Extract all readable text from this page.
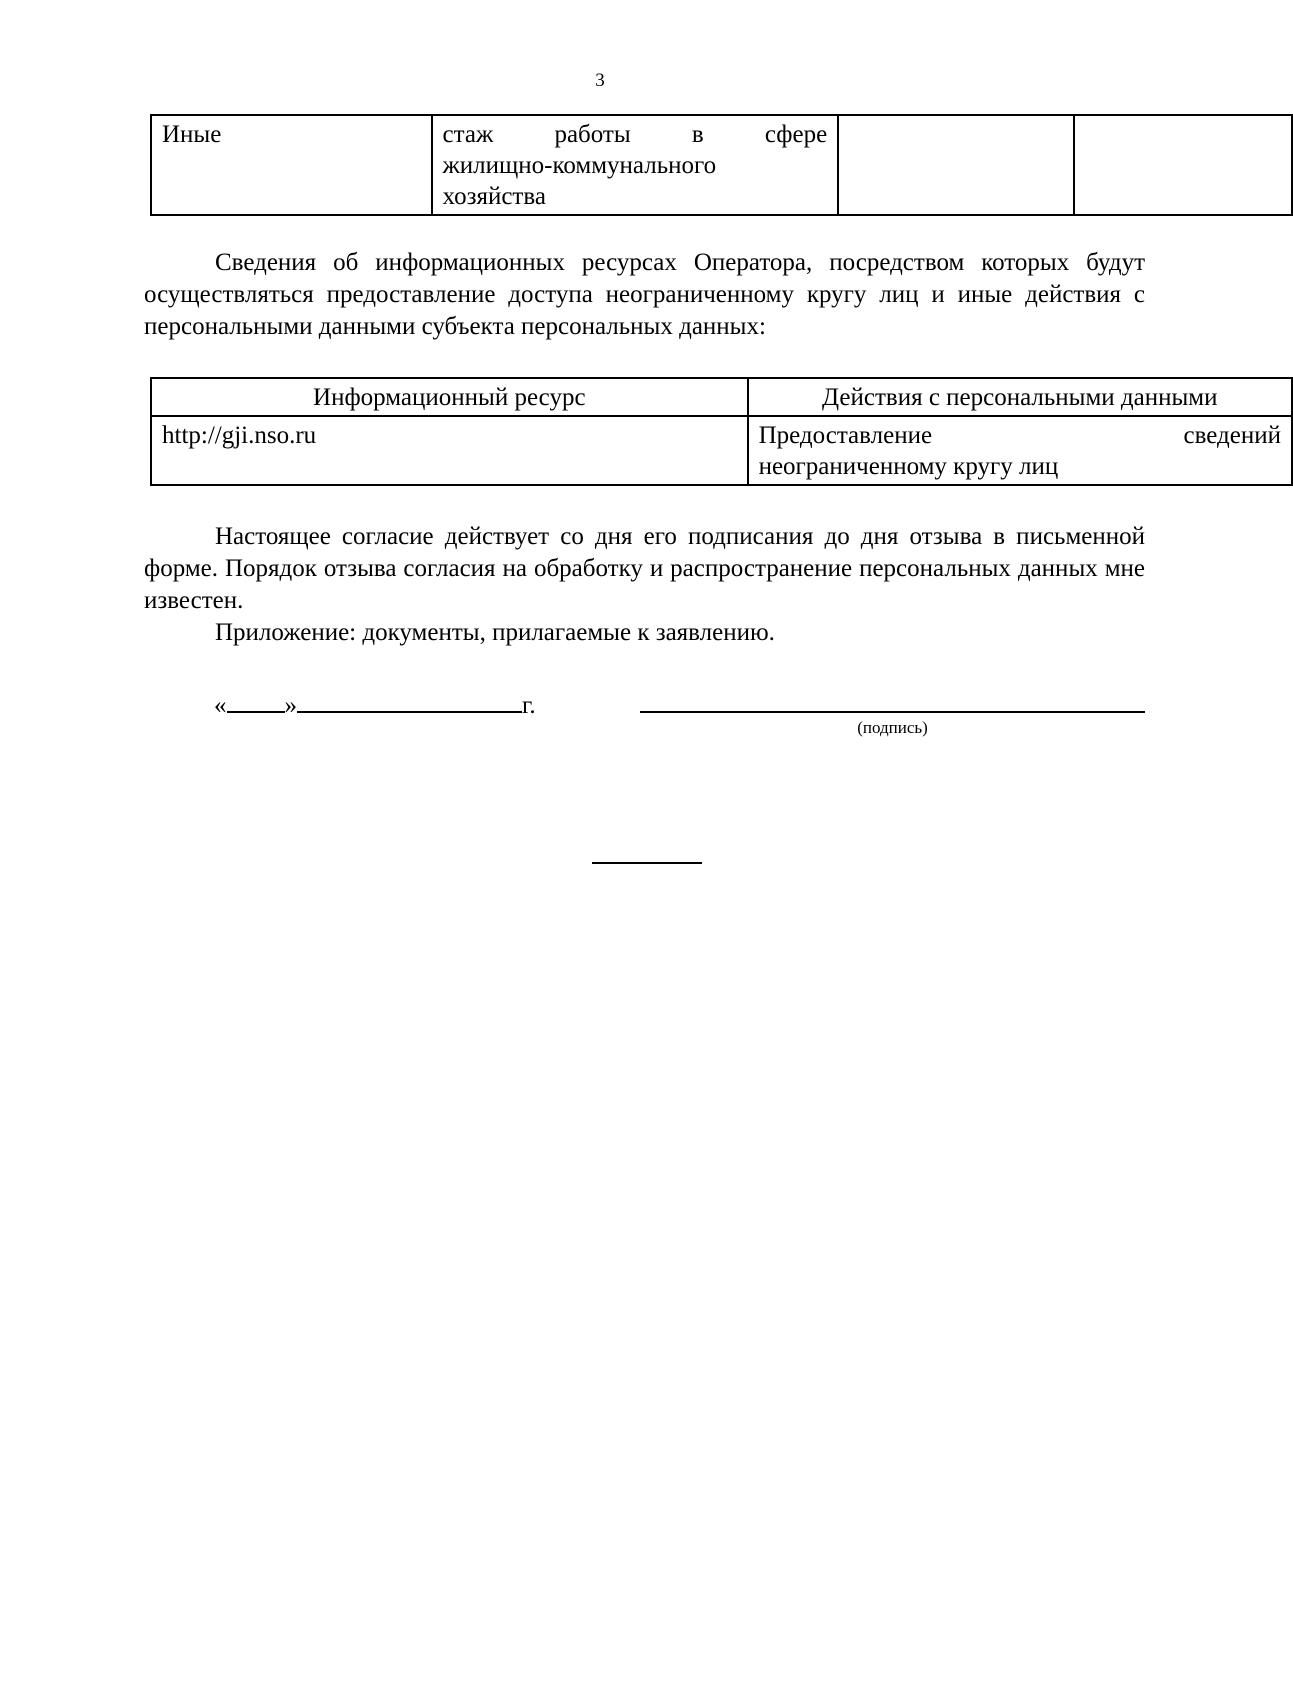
3
Иные	стаж работы в сфере
жилищно-коммунального
хозяйства

Сведения об информационных ресурсах Оператора, посредством которых будут осуществляться предоставление доступа неограниченному кругу лиц и иные действия с персональными данными субъекта персональных данных:

Информационный ресурс	Действия с персональными данными
http://gji.nso.ru	Предоставление сведений
неограниченному кругу лиц

Настоящее согласие действует со дня его подписания до дня отзыва в письменной форме. Порядок отзыва согласия на обработку и распространение персональных данных мне известен.

Приложение: документы, прилагаемые к заявлению.

« »	г.
(подпись)
